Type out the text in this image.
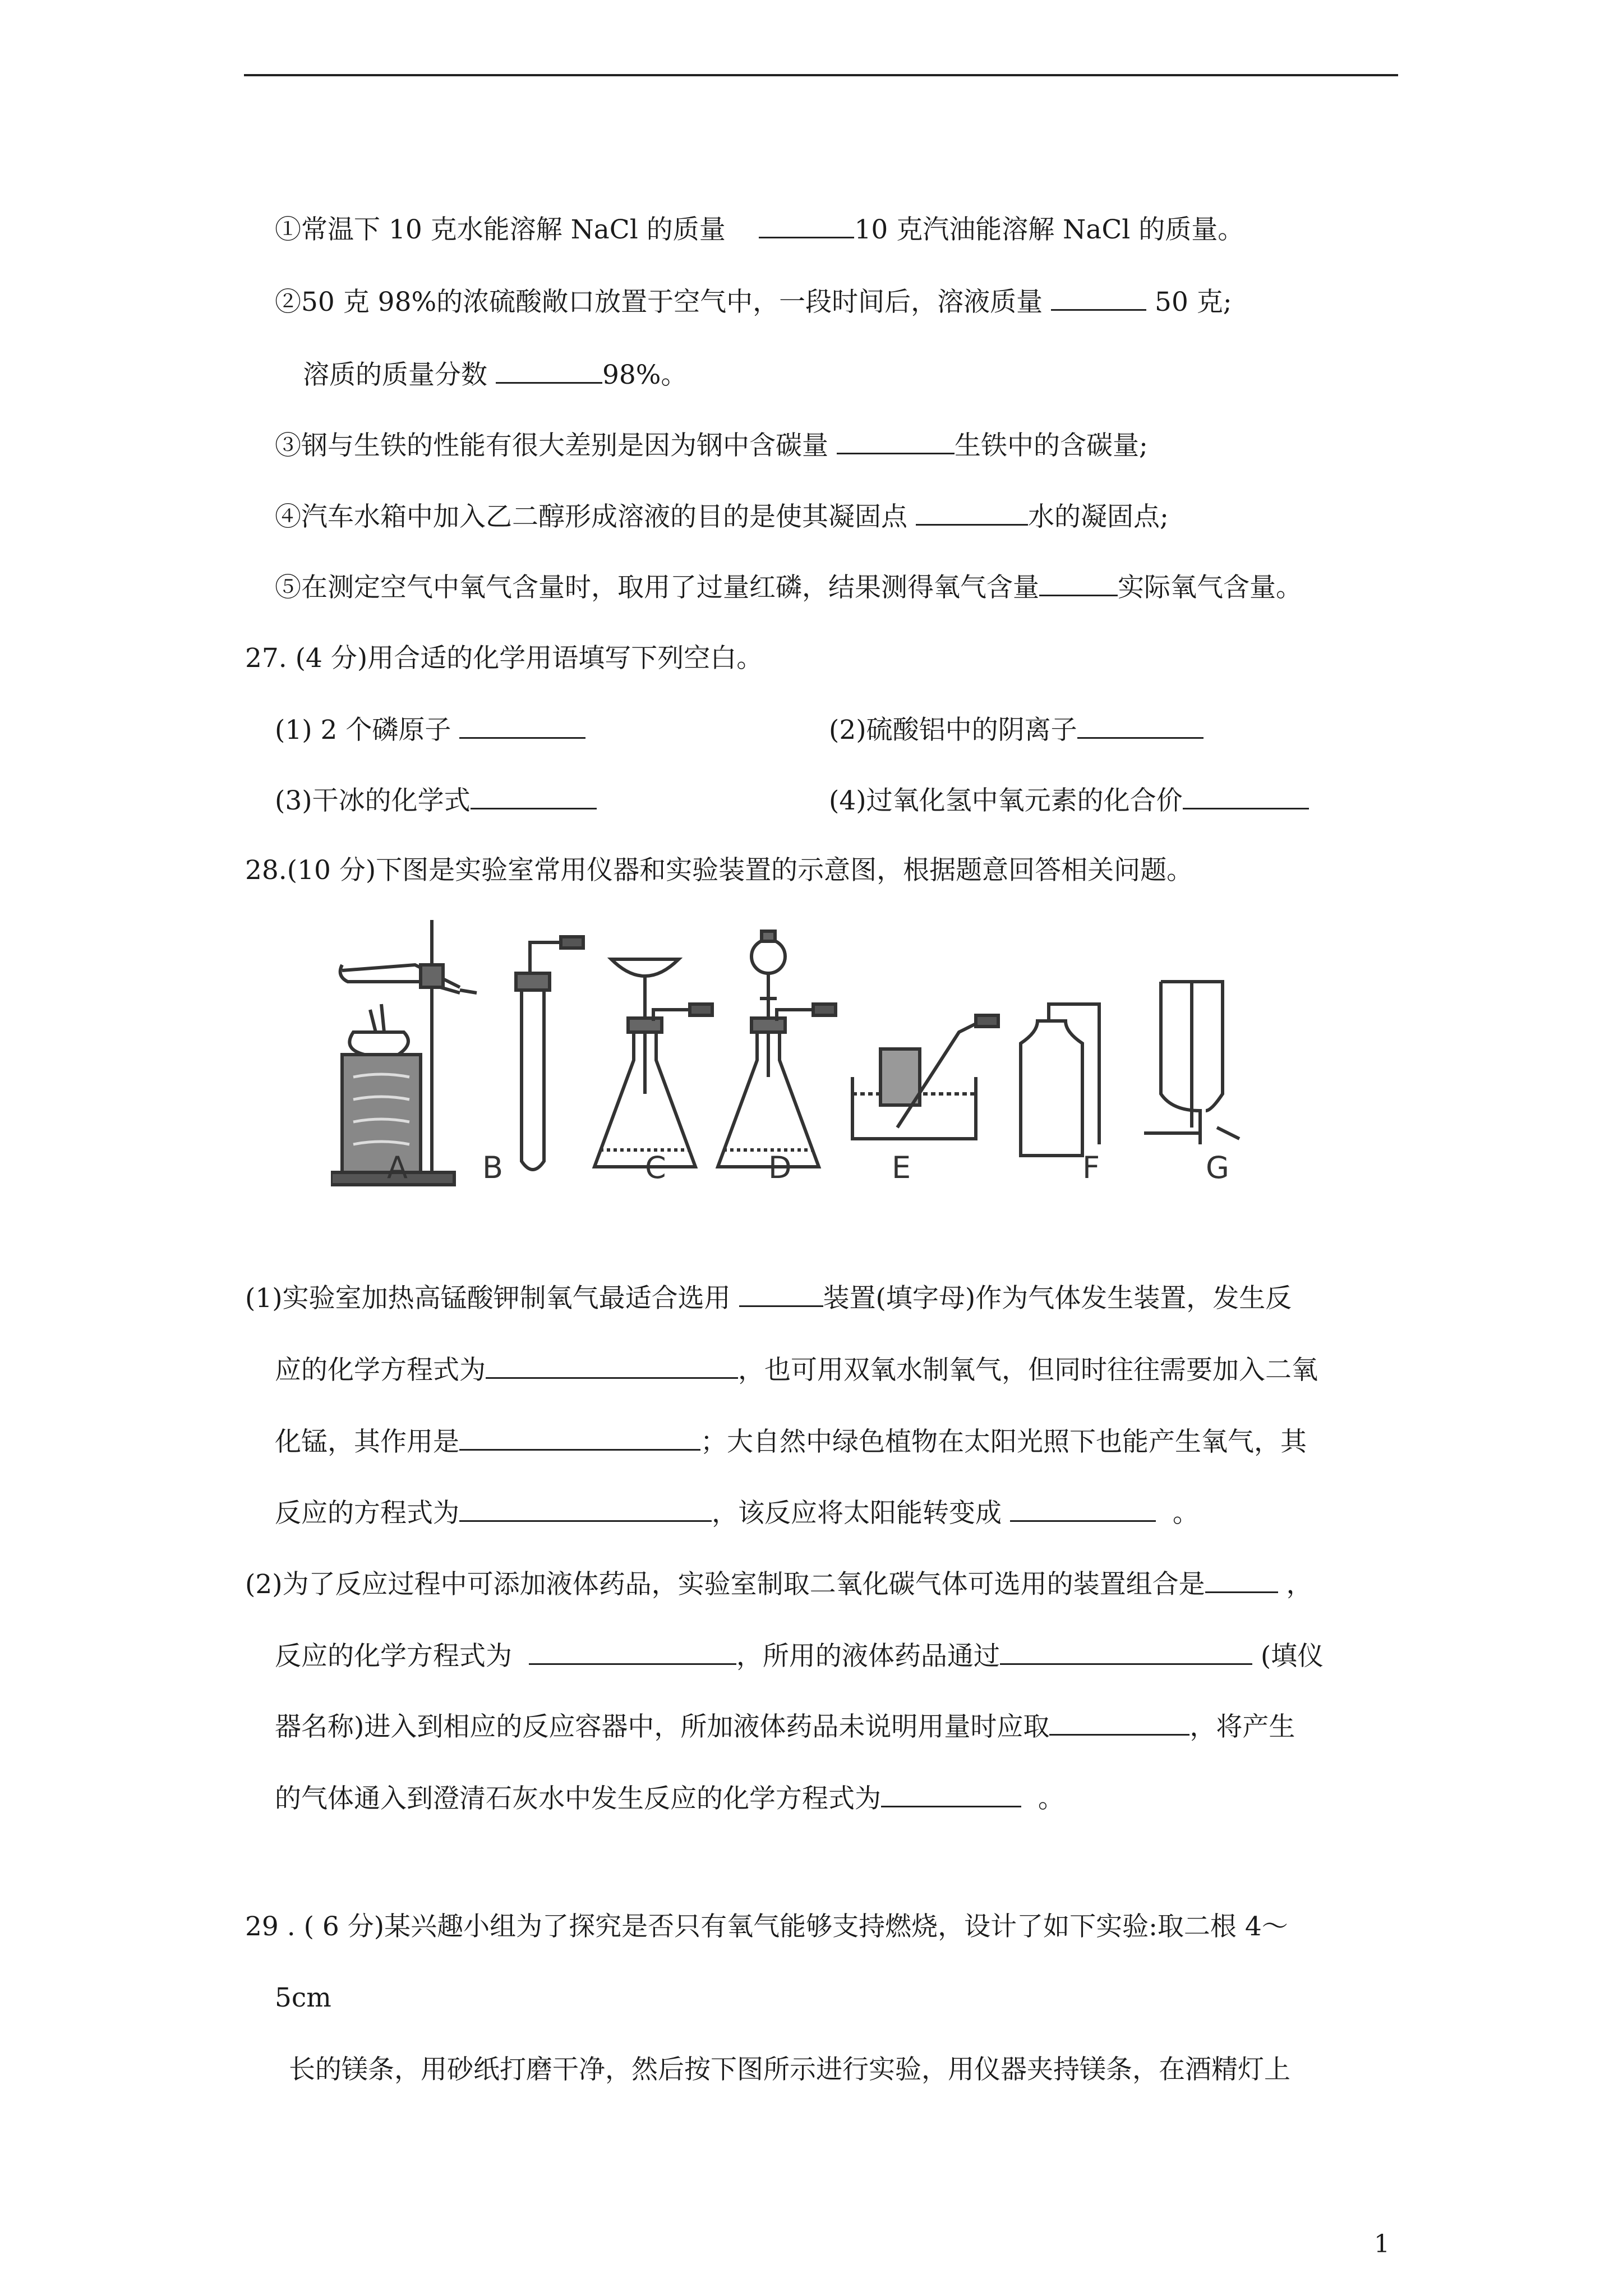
①常温下 10 克水能溶解 NaCl 的质量	10 克汽油能溶解 NaCl 的质量。
②50 克 98%的浓硫酸敞口放置于空气中，一段时间后，溶液质量	50 克;
溶质的质量分数	98%。
③钢与生铁的性能有很大差别是因为钢中含碳量	生铁中的含碳量;
④汽车水箱中加入乙二醇形成溶液的目的是使其凝固点	水的凝固点;
⑤在测定空气中氧气含量时，取用了过量红磷，结果测得氧气含量	实际氧气含量。
27. (4 分)用合适的化学用语填写下列空白。
(1) 2 个磷原子	(2)硫酸铝中的阴离子
(3)干冰的化学式	(4)过氧化氢中氧元素的化合价
28.(10 分)下图是实验室常用仪器和实验装置的示意图，根据题意回答相关问题。
A B	C	D	E	F	G
(1)实验室加热高锰酸钾制氧气最适合选用	装置(填字母)作为气体发生装置，发生反
应的化学方程式为	，也可用双氧水制氧气，但同时往往需要加入二氧
化锰，其作用是	；大自然中绿色植物在太阳光照下也能产生氧气，其
反应的方程式为	，该反应将太阳能转变成	。
(2)为了反应过程中可添加液体药品，实验室制取二氧化碳气体可选用的装置组合是	，
反应的化学方程式为	，所用的液体药品通过	(填仪
器名称)进入到相应的反应容器中，所加液体药品未说明用量时应取	，将产生
的气体通入到澄清石灰水中发生反应的化学方程式为	。
29 . ( 6 分)某兴趣小组为了探究是否只有氧气能够支持燃烧，设计了如下实验:取二根 4～
5cm
长的镁条，用砂纸打磨干净，然后按下图所示进行实验，用仪器夹持镁条，在酒精灯上
1
